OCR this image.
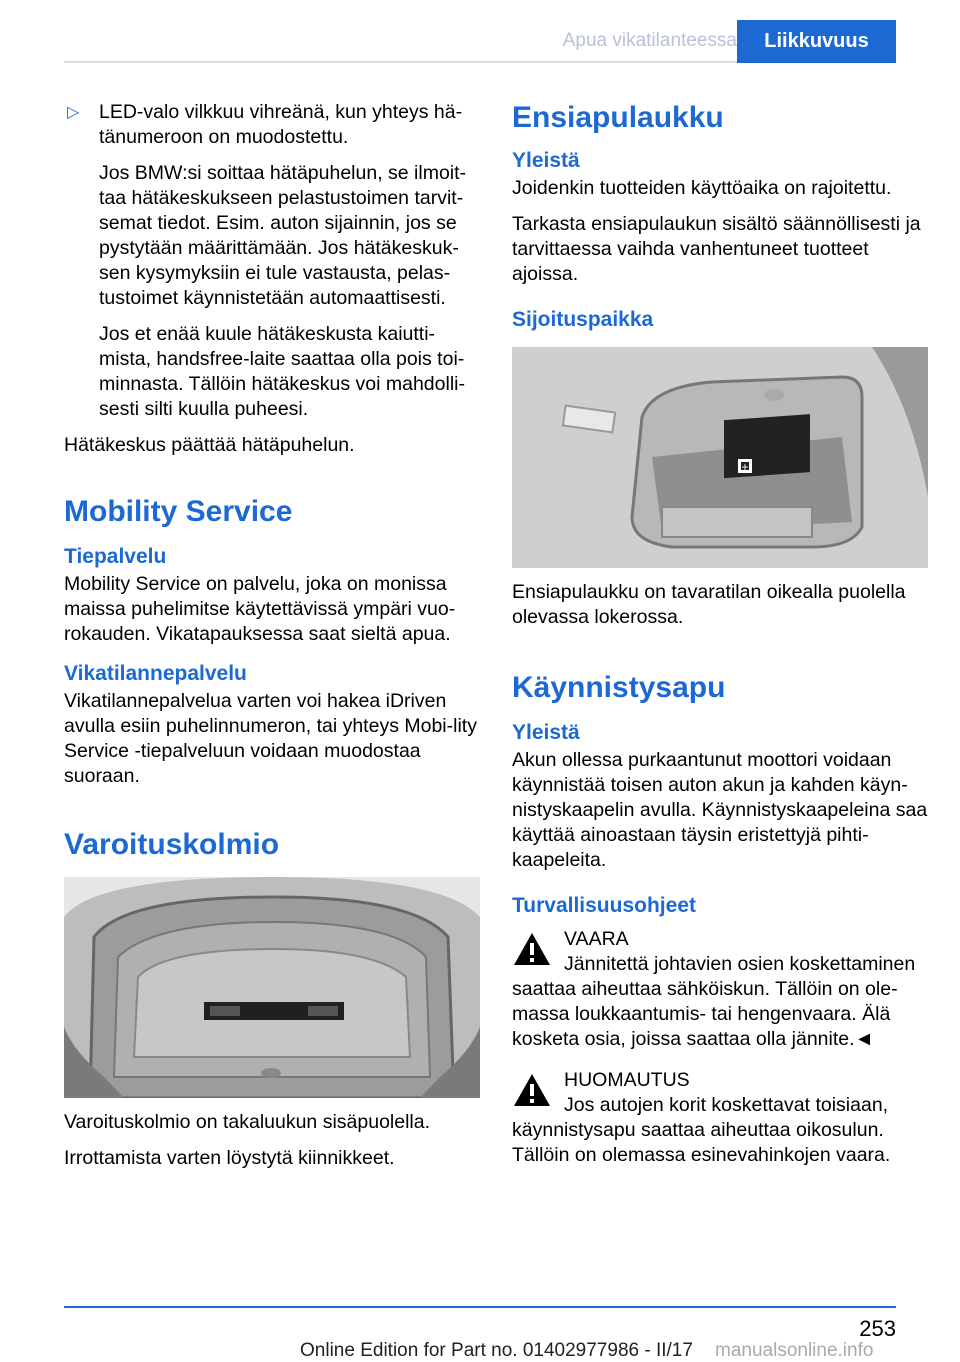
Apua vikatilanteessa	Liikkuvuus

▷ LED-valo vilkkuu vihreänä, kun yhteys hä‐tänumeroon on muodostettu.

Jos BMW:si soittaa hätäpuhelun, se ilmoit‐taa hätäkeskukseen pelastustoimen tarvit‐semat tiedot. Esim. auton sijainnin, jos se pystytään määrittämään. Jos hätäkeskuk‐sen kysymyksiin ei tule vastausta, pelas‐tustoimet käynnistetään automaattisesti.

Jos et enää kuule hätäkeskusta kaiutti‐mista, handsfree-laite saattaa olla pois toi‐minnasta. Tällöin hätäkeskus voi mahdolli‐sesti silti kuulla puheesi.

Hätäkeskus päättää hätäpuhelun.

Mobility Service
Tiepalvelu

Mobility Service on palvelu, joka on monissa maissa puhelimitse käytettävissä ympäri vuo‐rokauden. Vikatapauksessa saat sieltä apua.

Vikatilannepalvelu

Vikatilannepalvelua varten voi hakea iDriven avulla esiin puhelinnumeron, tai yhteys Mobi‐lity Service -tiepalveluun voidaan muodostaa suoraan.

Varoituskolmio

Varoituskolmio on takaluukun sisäpuolella.

Irrottamista varten löystytä kiinnikkeet.

Ensiapulaukku
Yleistä

Joidenkin tuotteiden käyttöaika on rajoitettu.

Tarkasta ensiapulaukun sisältö säännöllisesti ja tarvittaessa vaihda vanhentuneet tuotteet ajoissa.

Sijoituspaikka
+

Ensiapulaukku on tavaratilan oikealla puolella olevassa lokerossa.

Käynnistysapu
Yleistä

Akun ollessa purkaantunut moottori voidaan käynnistää toisen auton akun ja kahden käyn‐nistyskaapelin avulla. Käynnistyskaapeleina saa käyttää ainoastaan täysin eristettyjä pihti‐kaapeleita.

Turvallisuusohjeet

VAARA

Jännitettä johtavien osien koskettaminen saattaa aiheuttaa sähköiskun. Tällöin on ole‐massa loukkaantumis- tai hengenvaara. Älä kosketa osia, joissa saattaa olla jännite.◄

HUOMAUTUS

Jos autojen korit koskettavat toisiaan, käynnistysapu saattaa aiheuttaa oikosulun. Tällöin on olemassa esinevahinkojen vaara.

253
Online Edition for Part no. 01402977986 - II/17 manualsonline.info
